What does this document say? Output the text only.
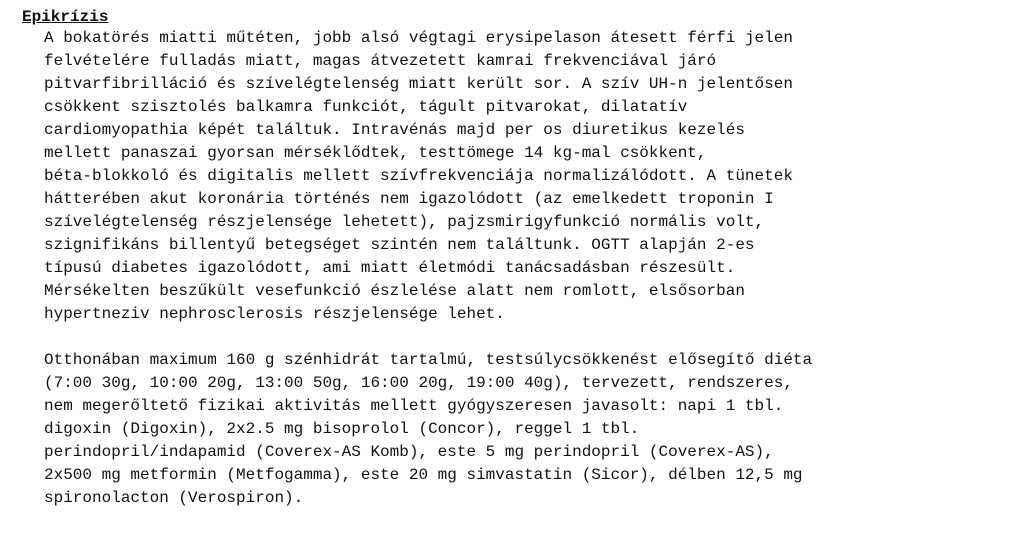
Epikrízis
A bokatörés miatti műtéten, jobb alsó végtagi erysipelason átesett férfi jelen
felvételére fulladás miatt, magas átvezetett kamrai frekvenciával járó
pitvarfibrilláció és szívelégtelenség miatt került sor. A szív UH-n jelentősen
csökkent szisztolés balkamra funkciót, tágult pitvarokat, dilatatív
cardiomyopathia képét találtuk. Intravénás majd per os diuretikus kezelés
mellett panaszai gyorsan mérséklődtek, testtömege 14 kg-mal csökkent,
béta-blokkoló és digitalis mellett szívfrekvenciája normalizálódott. A tünetek
hátterében akut koronária történés nem igazolódott (az emelkedett troponin I
szívelégtelenség részjelensége lehetett), pajzsmirigyfunkció normális volt,
szignifikáns billentyű betegséget szintén nem találtunk. OGTT alapján 2-es
típusú diabetes igazolódott, ami miatt életmódi tanácsadásban részesült.
Mérsékelten beszűkült vesefunkció észlelése alatt nem romlott, elsősorban
hypertneziv nephrosclerosis részjelensége lehet.
Otthonában maximum 160 g szénhidrát tartalmú, testsúlycsökkenést elősegítő diéta
(7:00 30g, 10:00 20g, 13:00 50g, 16:00 20g, 19:00 40g), tervezett, rendszeres,
nem megerőltető fizikai aktivitás mellett gyógyszeresen javasolt: napi 1 tbl.
digoxin (Digoxin), 2x2.5 mg bisoprolol (Concor), reggel 1 tbl.
perindopril/indapamid (Coverex-AS Komb), este 5 mg perindopril (Coverex-AS),
2x500 mg metformin (Metfogamma), este 20 mg simvastatin (Sicor), délben 12,5 mg
spironolacton (Verospiron).
